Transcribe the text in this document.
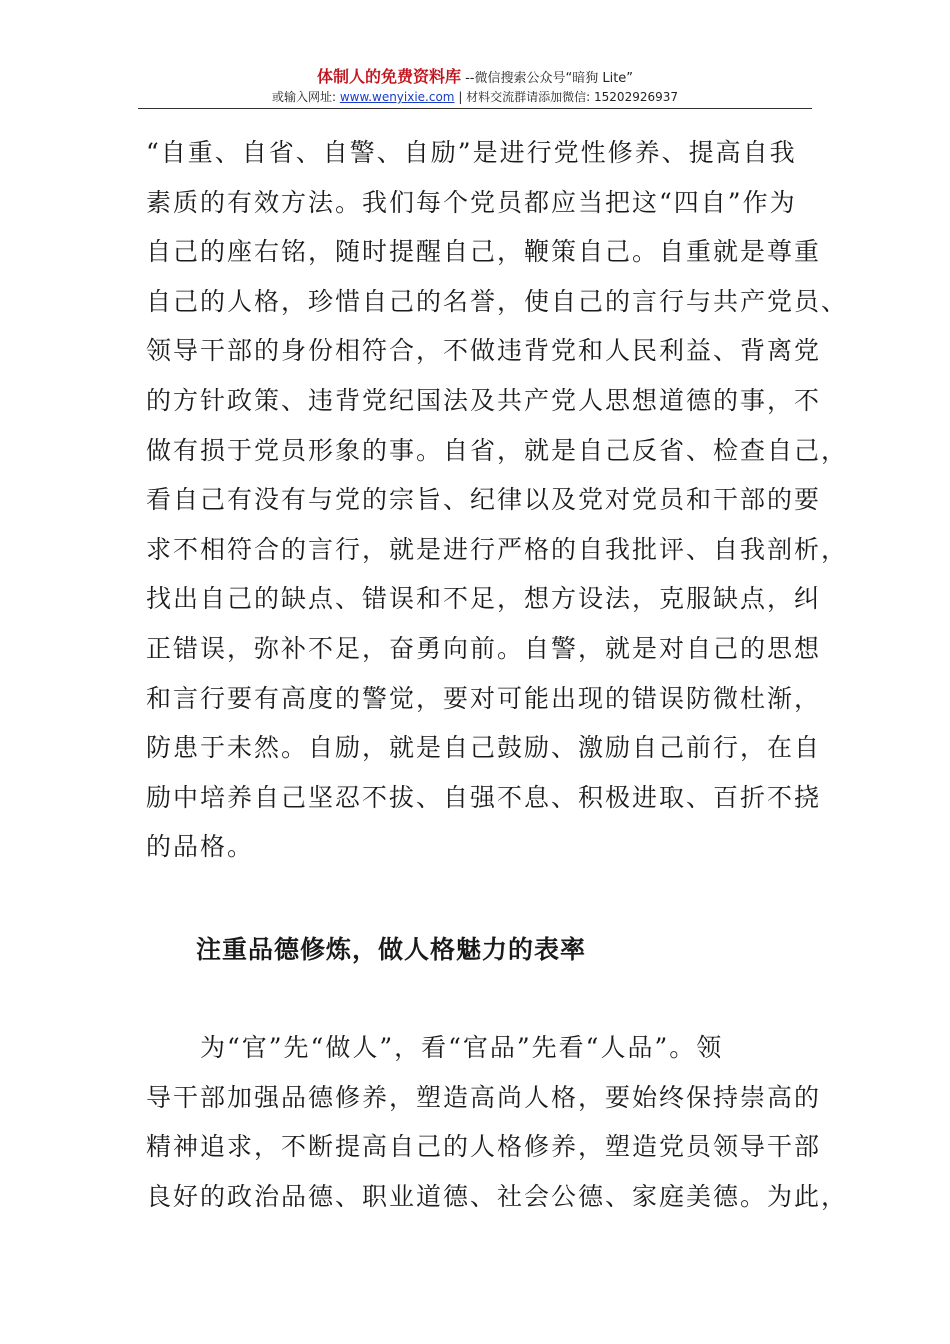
体制人的免费资料库 --微信搜索公众号“暗狗 Lite”
或输入网址: www.wenyixie.com | 材料交流群请添加微信: 15202926937
“自重、自省、自警、自励”是进行党性修养、提高自我
素质的有效方法。我们每个党员都应当把这“四自”作为
自己的座右铭，随时提醒自己，鞭策自己。自重就是尊重
自己的人格，珍惜自己的名誉，使自己的言行与共产党员、
领导干部的身份相符合，不做违背党和人民利益、背离党
的方针政策、违背党纪国法及共产党人思想道德的事，不
做有损于党员形象的事。自省，就是自己反省、检查自己，
看自己有没有与党的宗旨、纪律以及党对党员和干部的要
求不相符合的言行，就是进行严格的自我批评、自我剖析，
找出自己的缺点、错误和不足，想方设法，克服缺点，纠
正错误，弥补不足，奋勇向前。自警，就是对自己的思想
和言行要有高度的警觉，要对可能出现的错误防微杜渐，
防患于未然。自励，就是自己鼓励、激励自己前行，在自
励中培养自己坚忍不拔、自强不息、积极进取、百折不挠
的品格。
注重品德修炼，做人格魅力的表率
　　为“官”先“做人”，看“官品”先看“人品”。领
导干部加强品德修养，塑造高尚人格，要始终保持崇高的
精神追求，不断提高自己的人格修养，塑造党员领导干部
良好的政治品德、职业道德、社会公德、家庭美德。为此，
